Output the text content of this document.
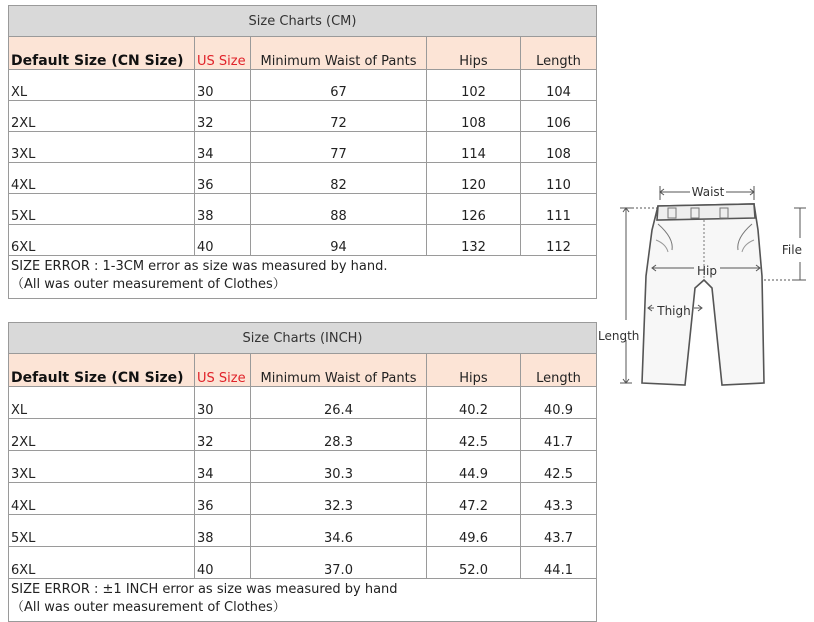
Size Charts (CM)				
Default Size (CN Size)	US Size	Minimum Waist of Pants	Hips	Length
XL	30	67	102	104
2XL	32	72	108	106
3XL	34	77	114	108
4XL	36	82	120	110
5XL	38	88	126	111
6XL	40	94	132	112

SIZE ERROR : 1-3CM error as size was measured by hand.
（All was outer measurement of Clothes）				
Size Charts (INCH)				
Default Size (CN Size)	US Size	Minimum Waist of Pants	Hips	Length
XL	30	26.4	40.2	40.9
2XL	32	28.3	42.5	41.7
3XL	34	30.3	44.9	42.5
4XL	36	32.3	47.2	43.3
5XL	38	34.6	49.6	43.7
6XL	40	37.0	52.0	44.1

SIZE ERROR : ±1 INCH error as size was measured by hand
（All was outer measurement of Clothes）				
Waist
File
Hip
Thigh
Length
